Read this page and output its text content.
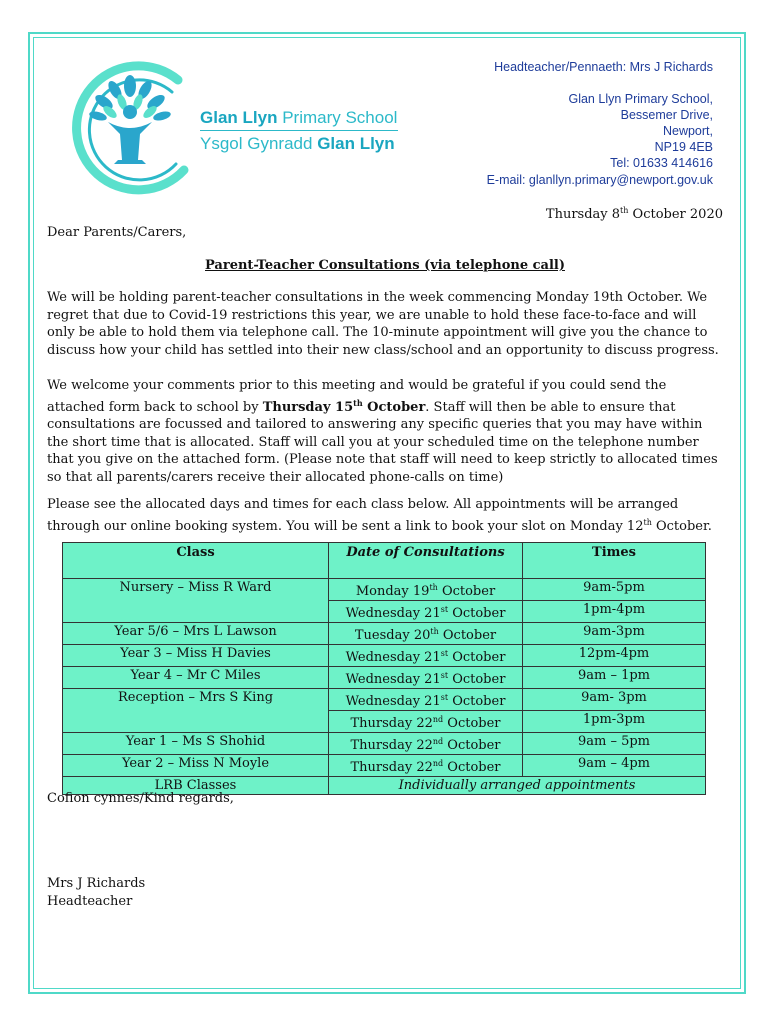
Glan Llyn Primary School
Ysgol Gynradd Glan Llyn
Headteacher/Pennaeth: Mrs J Richards
Glan Llyn Primary School,
Bessemer Drive,
Newport,
NP19 4EB
Tel: 01633 414616
E-mail: glanllyn.primary@newport.gov.uk
Thursday 8th October 2020
Dear Parents/Carers,
Parent-Teacher Consultations (via telephone call)
We will be holding parent-teacher consultations in the week commencing Monday 19th October. We regret that due to Covid-19 restrictions this year, we are unable to hold these face-to-face and will only be able to hold them via telephone call. The 10-minute appointment will give you the chance to discuss how your child has settled into their new class/school and an opportunity to discuss progress.
We welcome your comments prior to this meeting and would be grateful if you could send the attached form back to school by Thursday 15th October. Staff will then be able to ensure that consultations are focussed and tailored to answering any specific queries that you may have within the short time that is allocated. Staff will call you at your scheduled time on the telephone number that you give on the attached form. (Please note that staff will need to keep strictly to allocated times so that all parents/carers receive their allocated phone-calls on time)
Please see the allocated days and times for each class below. All appointments will be arranged through our online booking system. You will be sent a link to book your slot on Monday 12th October.
Class	Date of Consultations	Times
Nursery – Miss R Ward	Monday 19th October	9am-5pm
	Wednesday 21st October	1pm-4pm
Year 5/6 – Mrs L Lawson	Tuesday 20th October	9am-3pm
Year 3 – Miss H Davies	Wednesday 21st October	12pm-4pm
Year 4 – Mr C Miles	Wednesday 21st October	9am – 1pm
Reception – Mrs S King	Wednesday 21st October	9am- 3pm
	Thursday 22nd October	1pm-3pm
Year 1 – Ms S Shohid	Thursday 22nd October	9am – 5pm
Year 2 – Miss N Moyle	Thursday 22nd October	9am – 4pm
LRB Classes	Individually arranged appointments	
Cofion cynnes/Kind regards,
Mrs J Richards
Headteacher
